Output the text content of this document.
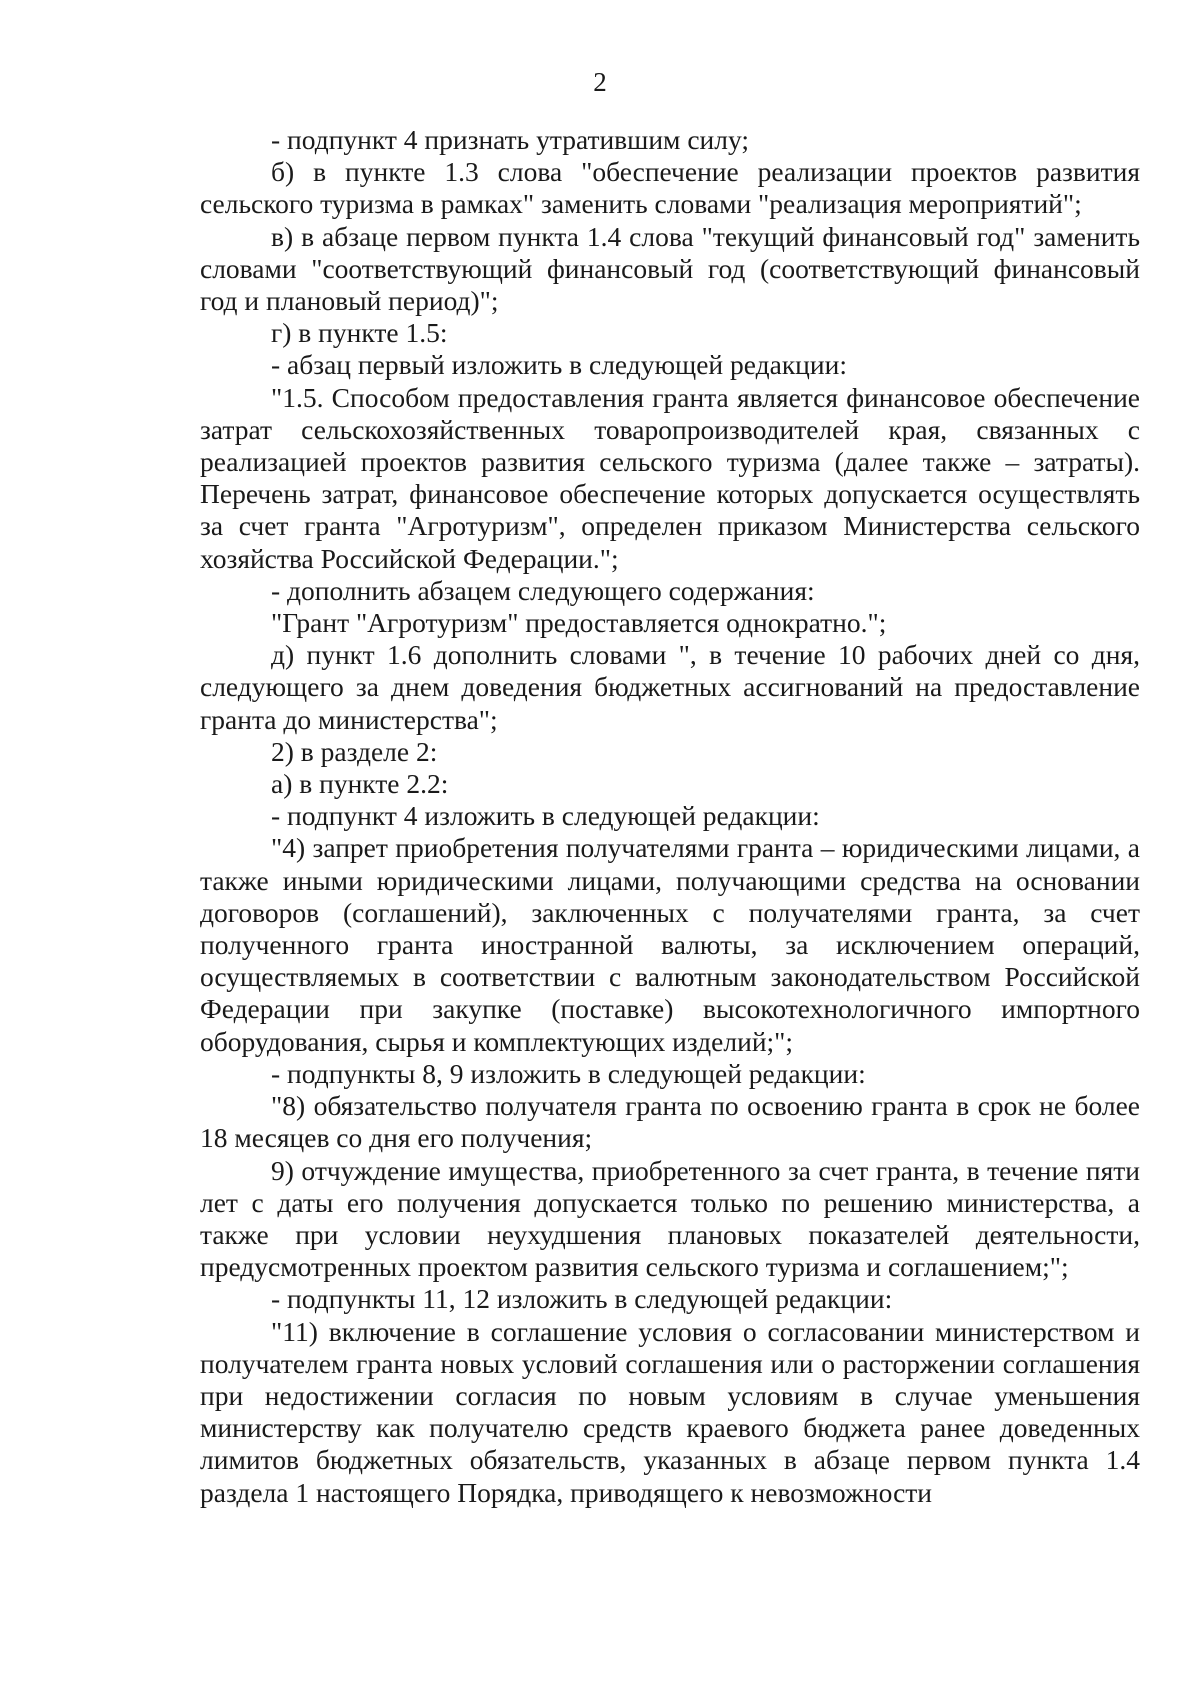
2

- подпункт 4 признать утратившим силу;

б) в пункте 1.3 слова "обеспечение реализации проектов развития сельского туризма в рамках" заменить словами "реализация мероприятий";

в) в абзаце первом пункта 1.4 слова "текущий финансовый год" заменить словами "соответствующий финансовый год (соответствующий финансовый год и плановый период)";

г) в пункте 1.5:

- абзац первый изложить в следующей редакции:

"1.5. Способом предоставления гранта является финансовое обеспечение затрат сельскохозяйственных товаропроизводителей края, связанных с реализацией проектов развития сельского туризма (далее также – затраты). Перечень затрат, финансовое обеспечение которых допускается осуществлять за счет гранта "Агротуризм", определен приказом Министерства сельского хозяйства Российской Федерации.";

- дополнить абзацем следующего содержания:

"Грант "Агротуризм" предоставляется однократно.";

д) пункт 1.6 дополнить словами ", в течение 10 рабочих дней со дня, следующего за днем доведения бюджетных ассигнований на предоставление гранта до министерства";

2) в разделе 2:

а) в пункте 2.2:

- подпункт 4 изложить в следующей редакции:

"4) запрет приобретения получателями гранта – юридическими лицами, а также иными юридическими лицами, получающими средства на основании договоров (соглашений), заключенных с получателями гранта, за счет полученного гранта иностранной валюты, за исключением операций, осуществляемых в соответствии с валютным законодательством Российской Федерации при закупке (поставке) высокотехнологичного импортного оборудования, сырья и комплектующих изделий;";

- подпункты 8, 9 изложить в следующей редакции:

"8) обязательство получателя гранта по освоению гранта в срок не более 18 месяцев со дня его получения;

9) отчуждение имущества, приобретенного за счет гранта, в течение пяти лет с даты его получения допускается только по решению министерства, а также при условии неухудшения плановых показателей деятельности, предусмотренных проектом развития сельского туризма и соглашением;";

- подпункты 11, 12 изложить в следующей редакции:

"11) включение в соглашение условия о согласовании министерством и получателем гранта новых условий соглашения или о расторжении соглашения при недостижении согласия по новым условиям в случае уменьшения министерству как получателю средств краевого бюджета ранее доведенных лимитов бюджетных обязательств, указанных в абзаце первом пункта 1.4 раздела 1 настоящего Порядка, приводящего к невозможности
